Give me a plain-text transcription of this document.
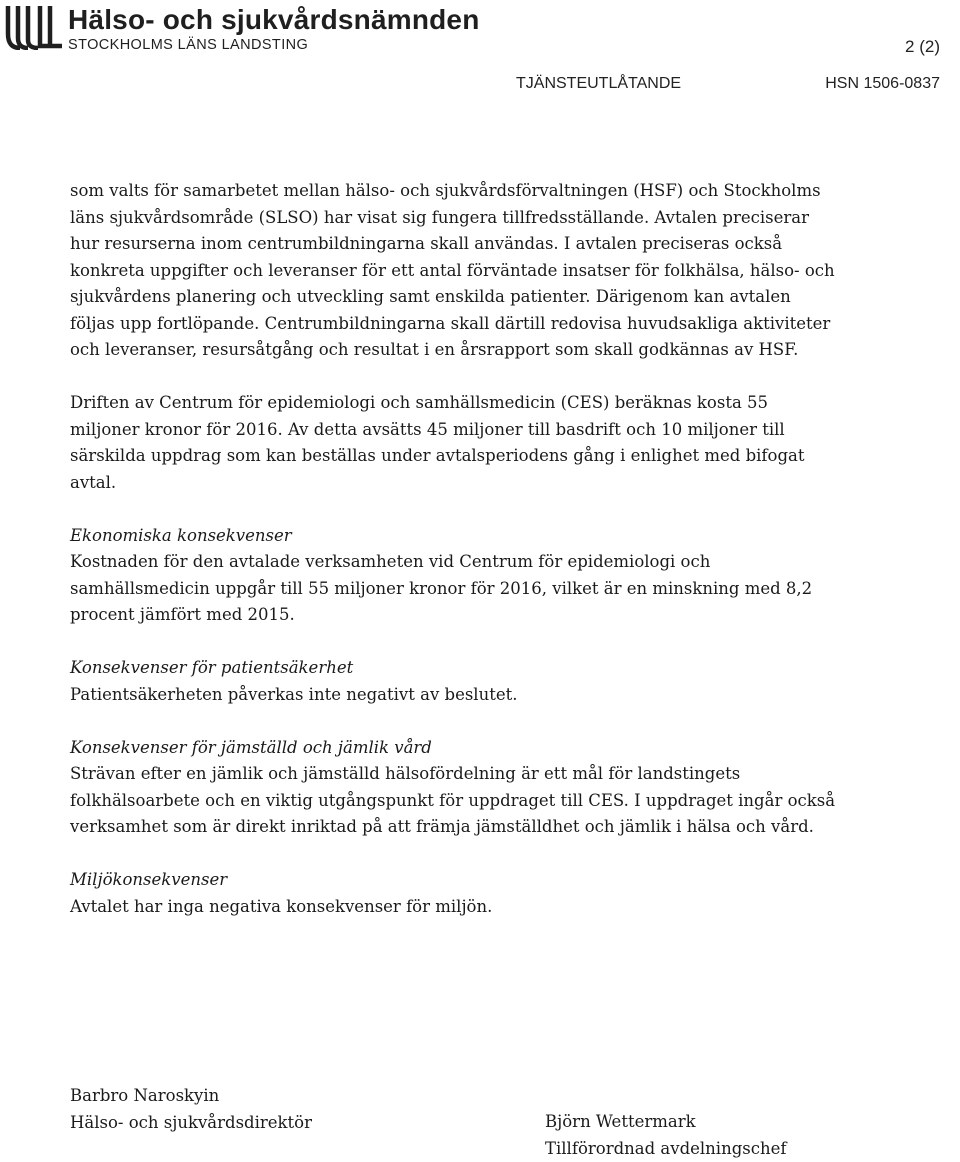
Hälso- och sjukvårdsnämnden
STOCKHOLMS LÄNS LANDSTING	2 (2)
TJÄNSTEUTLÅTANDE	HSN 1506-0837

som valts för samarbetet mellan hälso- och sjukvårdsförvaltningen (HSF) och Stockholms läns sjukvårdsområde (SLSO) har visat sig fungera tillfredsställande. Avtalen preciserar hur resurserna inom centrumbildningarna skall användas. I avtalen preciseras också konkreta uppgifter och leveranser för ett antal förväntade insatser för folkhälsa, hälso- och sjukvårdens planering och utveckling samt enskilda patienter. Därigenom kan avtalen följas upp fortlöpande. Centrumbildningarna skall därtill redovisa huvudsakliga aktiviteter och leveranser, resursåtgång och resultat i en årsrapport som skall godkännas av HSF.

Driften av Centrum för epidemiologi och samhällsmedicin (CES) beräknas kosta 55 miljoner kronor för 2016. Av detta avsätts 45 miljoner till basdrift och 10 miljoner till särskilda uppdrag som kan beställas under avtalsperiodens gång i enlighet med bifogat avtal.

Ekonomiska konsekvenser
Kostnaden för den avtalade verksamheten vid Centrum för epidemiologi och samhällsmedicin uppgår till 55 miljoner kronor för 2016, vilket är en minskning med 8,2 procent jämfört med 2015.

Konsekvenser för patientsäkerhet
Patientsäkerheten påverkas inte negativt av beslutet.

Konsekvenser för jämställd och jämlik vård
Strävan efter en jämlik och jämställd hälsofördelning är ett mål för landstingets folkhälsoarbete och en viktig utgångspunkt för uppdraget till CES. I uppdraget ingår också verksamhet som är direkt inriktad på att främja jämställdhet och jämlik i hälsa och vård.

Miljökonsekvenser
Avtalet har inga negativa konsekvenser för miljön.

Barbro Naroskyin
Hälso- och sjukvårdsdirektör	Björn Wettermark
Tillförordnad avdelningschef
